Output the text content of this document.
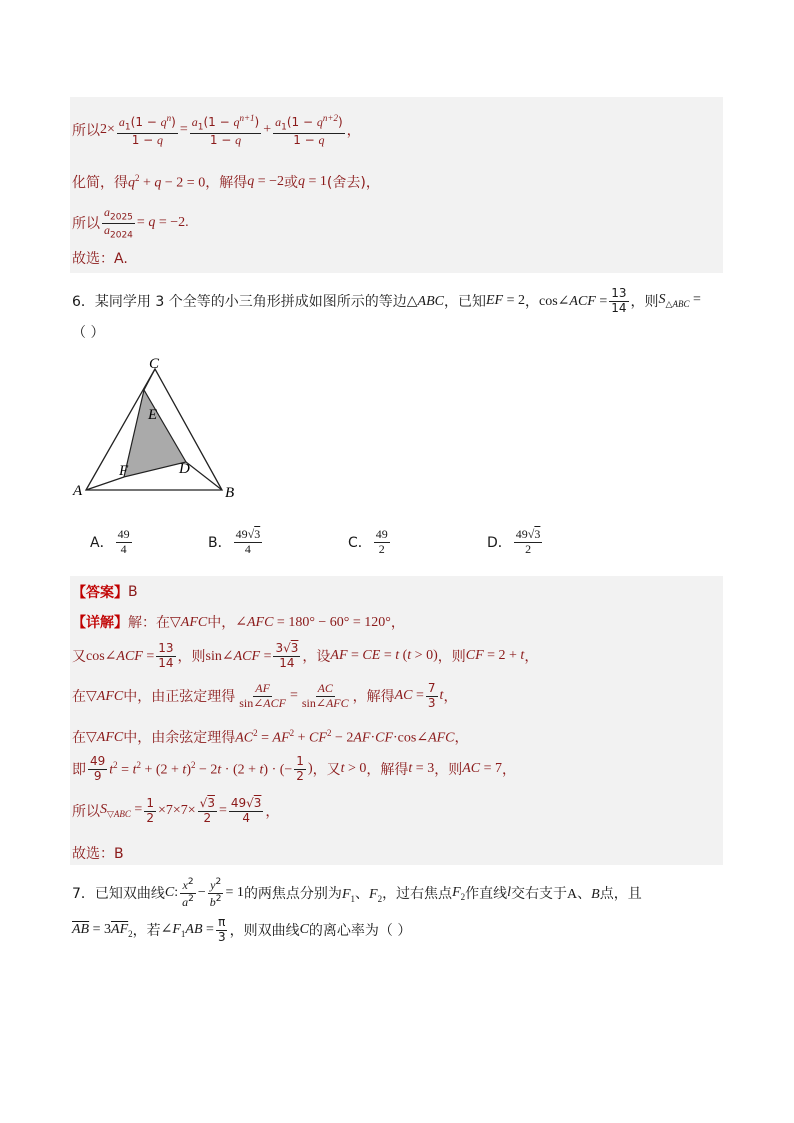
所以 $2\times \frac{a_1(1 - q^n)}{1 - q} = \frac{a_1(1 - q^{n+1})}{1 - q} + \frac{a_1(1 - q^{n+2})}{1 - q}$ ，
化简，得 $q^2 + q - 2 = 0$ ，解得 q = −2 或 q = 1 (舍去)，
所以 $\frac{a_{2025}}{a_{2024}} = q = -2$.
故选：A.
6． 某同学用 3 个全等的小三角形拼成如图所示的等边 △ABC ，已知 EF = 2 ， cos∠ACF = $\frac{13}{14}$ ，则 $S_{\triangle ABC}$ =
（ ）
C
E
F	D
A	B
A． $\frac{49}{4}$	B． $\frac{49√3}{4}$	C． $\frac{49}{2}$	D． $\frac{49√3}{2}$
【答案】 B
【详解】 解：在 ▽AFC 中， ∠AFC = 180° − 60° = 120° ，
又 cos∠ACF = $\frac{13}{14}$ ，则 sin∠ACF = $\frac{3√3}{14}$ ，设 AF = CE = t (t > 0) ，则 CF = 2 + t ，
在 ▽AFC 中，由正弦定理得 $\frac{AF}{\text{sin∠ACF}} = \frac{AC}{\text{sin∠AFC}}$ ，解得 AC = $\frac{7}{3}$ t ，
在 ▽AFC 中，由余弦定理得 $AC^2 = AF^2 + CF^2$ − 2AF·CF·cos∠AFC ，
即 $\frac{49}{9} t^2 = t^2 + (2 + t)^2 - 2t \cdot (2 + t)$ · (− $\frac{1}{2}$ ) ，又 t > 0 ，解得 t = 3 ，则 AC = 7 ，
所以 $S_{▽ABC} = \frac{1}{2} \times 7\times 7\times \frac{√3}{2} = \frac{49√3}{4}$ ，
故选：B
7． 已知双曲线 C: $\frac{x^2}{a^2} - \frac{y^2}{b^2} = 1$ 的两焦点分别为 $F_1$、$F_2$ ，过右焦点 $F_2$ 作直线 l 交右支于 A、B 点，且
$\overline{AB} = 3\overline{AF}_2$ ，若 $\angle F_1AB = \frac{\pi}{3}$ ，则双曲线 C 的离心率为（ ）
